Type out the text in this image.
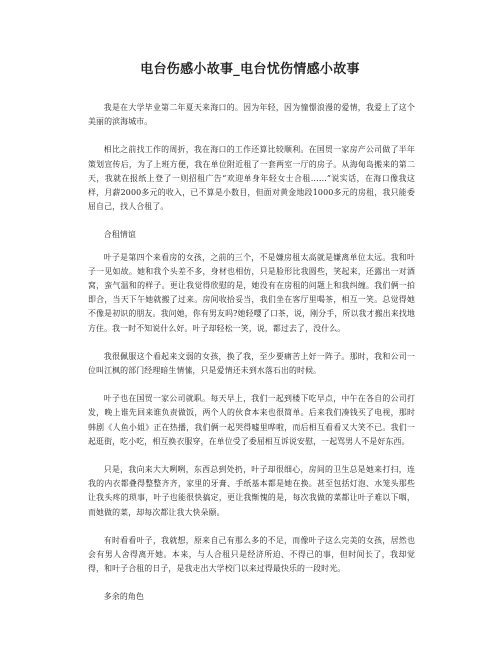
电台伤感小故事_电台忧伤情感小故事

我是在大学毕业第二年夏天来海口的。因为年轻，因为憧憬浪漫的爱情，我爱上了这个美丽的滨海城市。

相比之前找工作的周折，我在海口的工作还算比较顺利。在国贸一家房产公司做了半年策划宣传后，为了上班方便，我在单位附近租了一套两室一厅的房子。从海甸岛搬来的第二天，我就在报纸上登了一则招租广告“欢迎单身年轻女士合租……”说实话，在海口像我这样，月薪2000多元的收入，已不算是小数目，但面对黄金地段1000多元的房租，我只能委屈自己，找人合租了。

合租情谊

叶子是第四个来看房的女孩，之前的三个，不是嫌房租太高就是嫌离单位太远。我和叶子一见如故。她和我个头差不多，身材也相仿，只是脸形比我圆些，笑起来，还露出一对酒窝，蛮气温和的样子。更让我觉得欣慰的是，她没有在房租的问题上和我纠缠。我们俩一拍即合，当天下午她就搬了过来。房间收拾妥当，我们坐在客厅里喝茶，相互一笑。总觉得她不像是初识的朋友。我问她，你有男友吗?她轻嘤了口茶，说，刚分手，所以我才搬出来找地方住。我一时不知说什么好。叶子却轻松一笑，说，都过去了，没什么。

我很佩服这个看起来文弱的女孩，换了我，至少要痛苦上好一阵子。那时，我和公司一位叫江枫的部门经理暗生情愫，只是爱情还未到水落石出的时候。

叶子也在国贸一家公司就职。每天早上，我们一起到楼下吃早点，中午在各自的公司打发，晚上谁先回来谁负责做饭，两个人的伙食本来也很简单。后来我们凑钱买了电视，那时韩剧《人鱼小姐》正在热播，我们俩一起哭得嘘里哗啦，而后相互看看又大笑不已。我们一起逛街，吃小吃，相互换衣服穿，在单位受了委屈相互诉说安慰，一起骂男人不是好东西。

只是，我向来大大咧咧，东西总到处扔，叶子却很细心，房间的卫生总是她来打扫，连我的内衣都叠得整整齐齐，家里的牙膏、手纸基本都是她在换。甚至包括灯泡、水笼头那些让我头疼的琐事，叶子也能很快搞定，更让我惭愧的是，每次我做的菜都让叶子难以下咽，而她做的菜，却每次都让我大快朵颐。

有时看看叶子，我就想，原来自己有那么多的不足，而像叶子这么完美的女孩，居然也会有男人舍得离开她。本来，与人合租只是经济所迫、不得已的事，但时间长了，我却觉得，和叶子合租的日子，是我走出大学校门以来过得最快乐的一段时光。

多余的角色
